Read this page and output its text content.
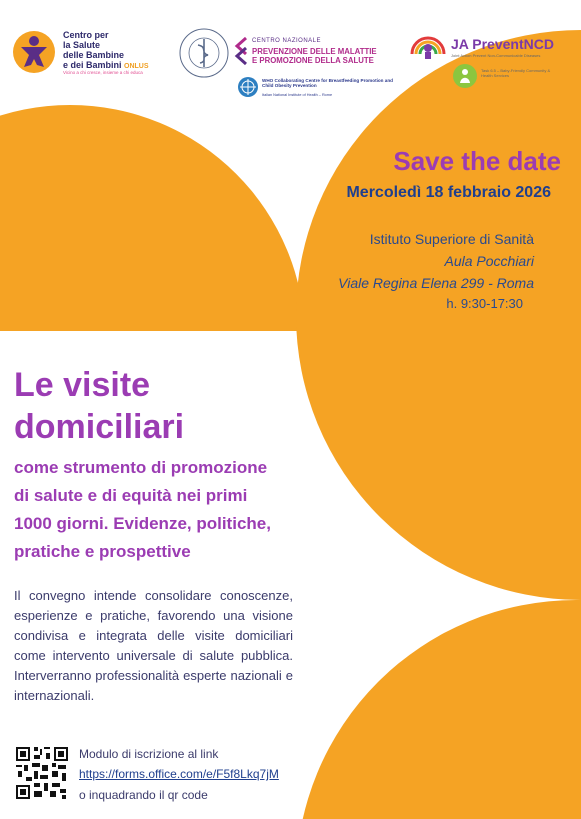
Centro per
la Salute
delle Bambine
e dei Bambini ONLUS
Vicino a chi cresce, insieme a chi educa
CENTRO NAZIONALE
PREVENZIONE DELLE MALATTIE
E PROMOZIONE DELLA SALUTE
WHO Collaborating Centre for Breastfeeding Promotion and Child Obesity Prevention
Italian National Institute of Health – Rome
JA PreventNCD
Joint Action Prevent Non-Communicable Diseases
Task 6.5 – Baby-Friendly Community & Health Services
Save the date
Mercoledì 18 febbraio 2026
Istituto Superiore di Sanità
Aula Pocchiari
Viale Regina Elena 299 - Roma
h. 9:30-17:30
Le visite
domiciliari
come strumento di promozione
di salute e di equità nei primi
1000 giorni. Evidenze, politiche,
pratiche e prospettive
Il convegno intende consolidare conoscenze, esperienze e pratiche, favorendo una visione condivisa e integrata delle visite domiciliari come intervento universale di salute pubblica. Interverranno professionalità esperte nazionali e internazionali.
Modulo di iscrizione al link
https://forms.office.com/e/F5f8Lkq7jM
o inquadrando il qr code
